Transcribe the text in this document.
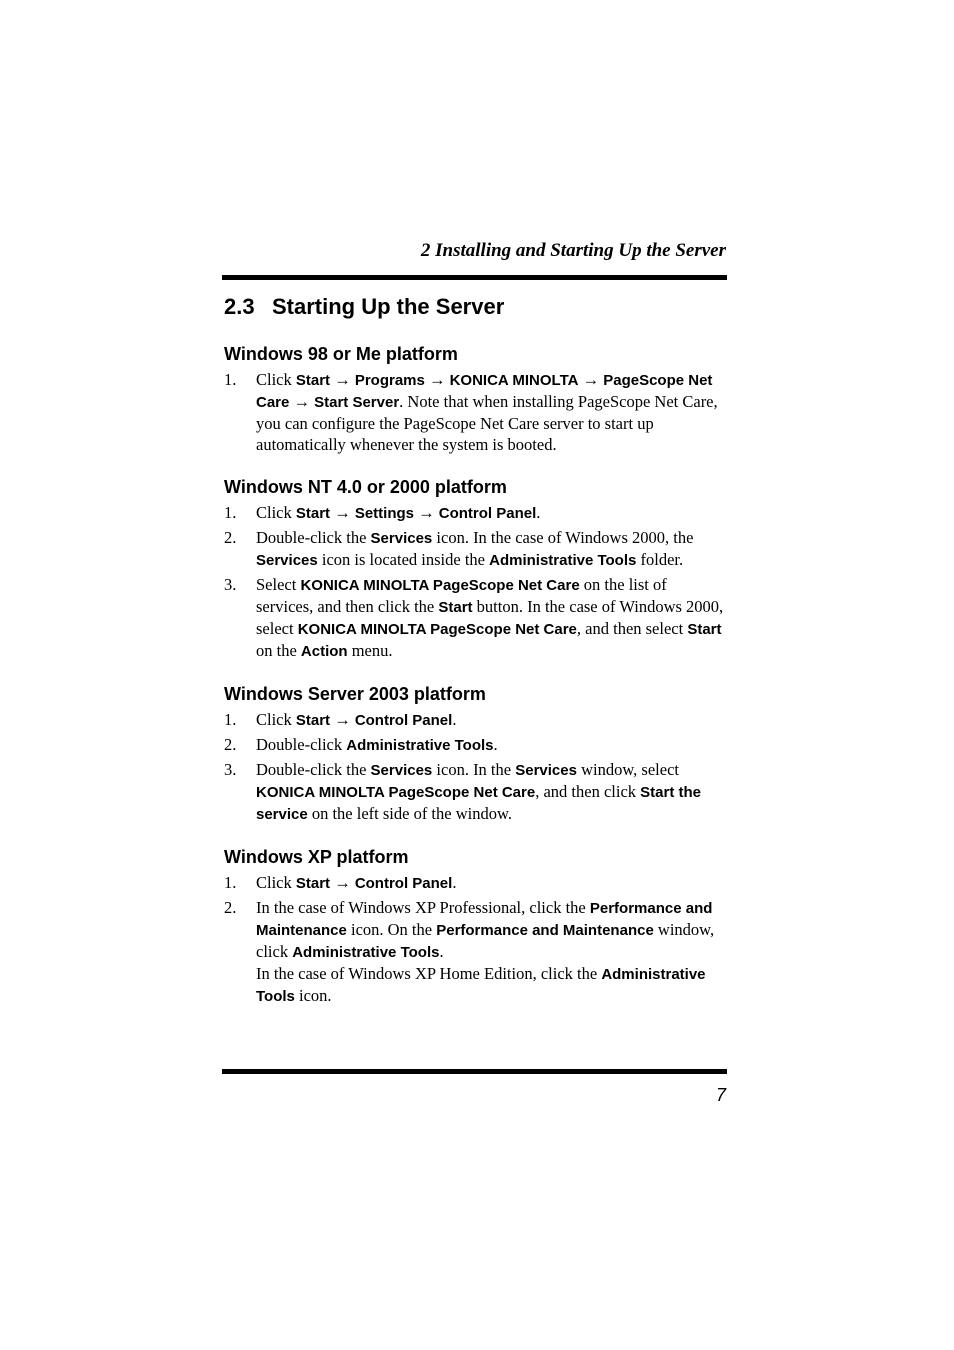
2 Installing and Starting Up the Server
2.3 Starting Up the Server
Windows 98 or Me platform
1. Click Start → Programs → KONICA MINOLTA → PageScope Net Care → Start Server. Note that when installing PageScope Net Care, you can configure the PageScope Net Care server to start up automatically whenever the system is booted.
Windows NT 4.0 or 2000 platform
1. Click Start → Settings → Control Panel.
2. Double-click the Services icon. In the case of Windows 2000, the Services icon is located inside the Administrative Tools folder.
3. Select KONICA MINOLTA PageScope Net Care on the list of services, and then click the Start button. In the case of Windows 2000, select KONICA MINOLTA PageScope Net Care, and then select Start on the Action menu.
Windows Server 2003 platform
1. Click Start → Control Panel.
2. Double-click Administrative Tools.
3. Double-click the Services icon. In the Services window, select KONICA MINOLTA PageScope Net Care, and then click Start the service on the left side of the window.
Windows XP platform
1. Click Start → Control Panel.
2. In the case of Windows XP Professional, click the Performance and Maintenance icon. On the Performance and Maintenance window, click Administrative Tools.
In the case of Windows XP Home Edition, click the Administrative Tools icon.
7
